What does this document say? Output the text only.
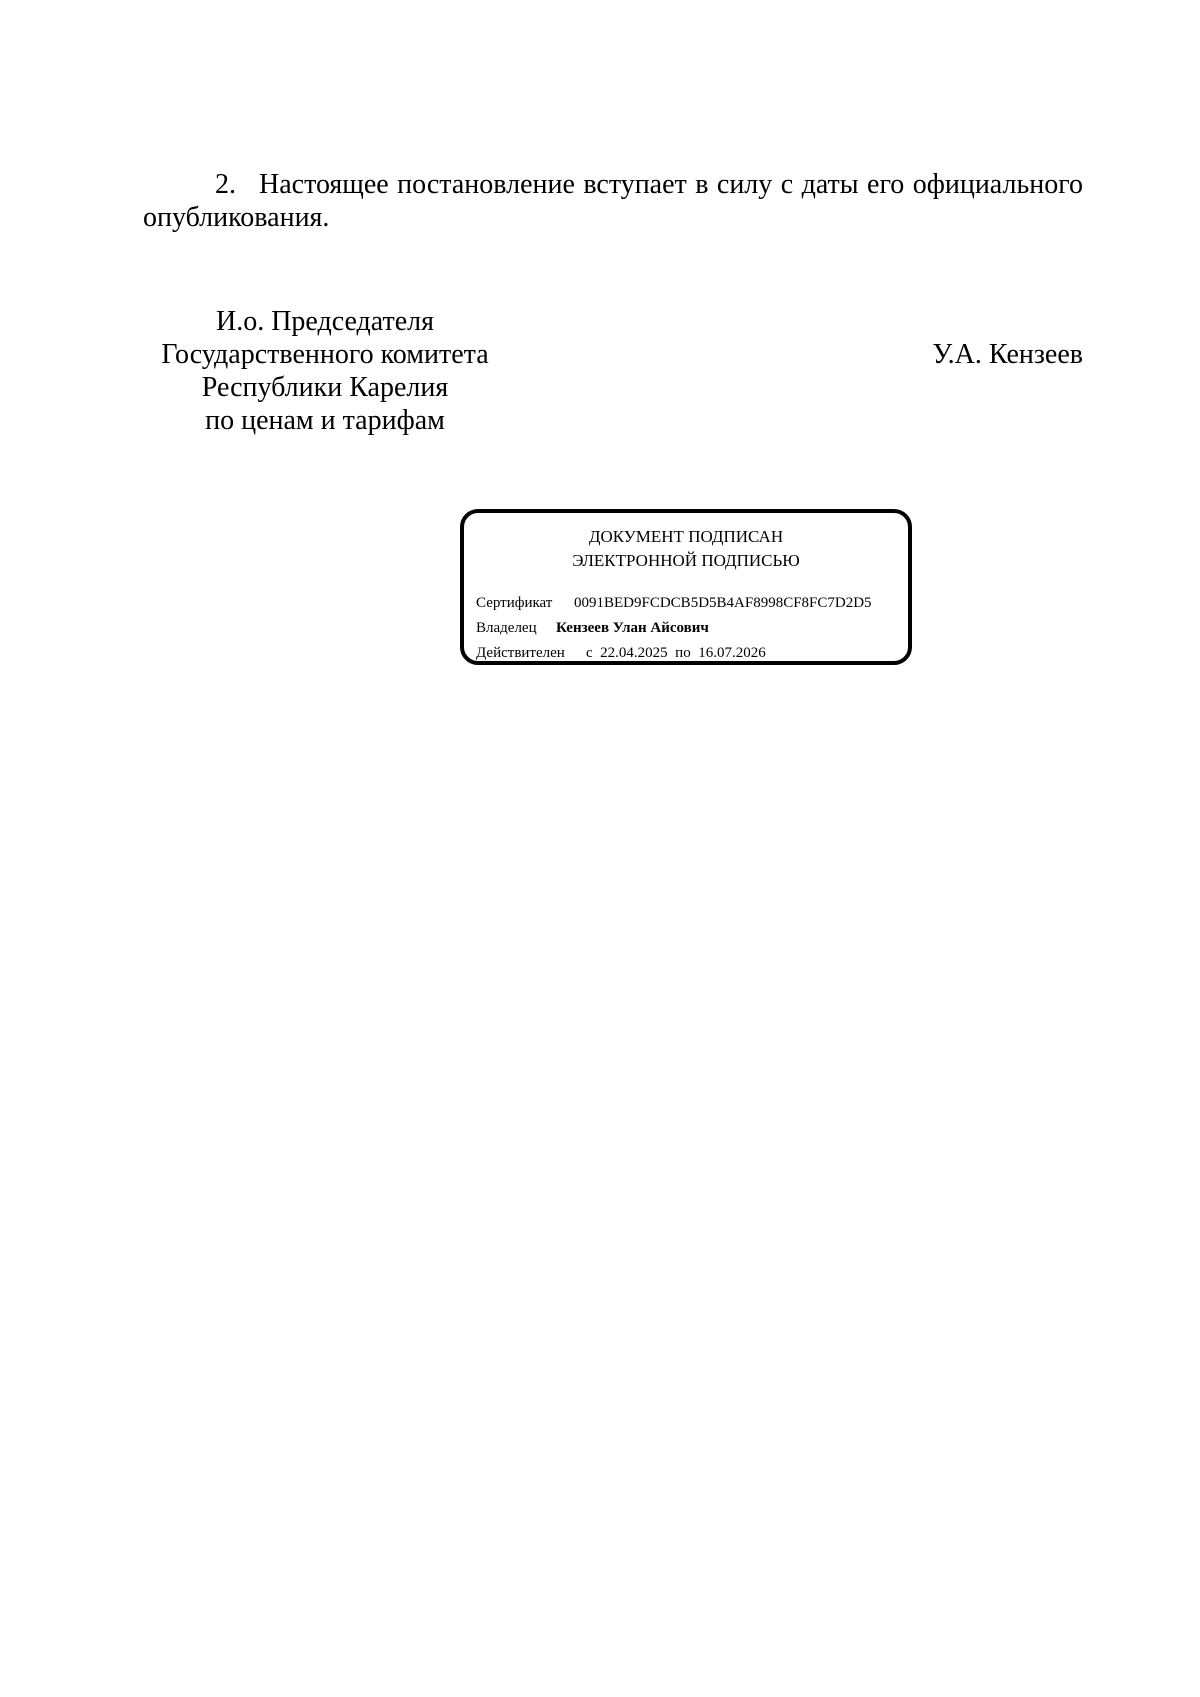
2. Настоящее постановление вступает в силу с даты его официального опубликования.
И.о. Председателя
Государственного комитета
Республики Карелия
по ценам и тарифам
У.А. Кензеев
ДОКУМЕНТ ПОДПИСАН
ЭЛЕКТРОННОЙ ПОДПИСЬЮ
Сертификат 0091BED9FCDCB5D5B4AF8998CF8FC7D2D5
Владелец Кензеев Улан Айсович
Действителен с 22.04.2025 по 16.07.2026
